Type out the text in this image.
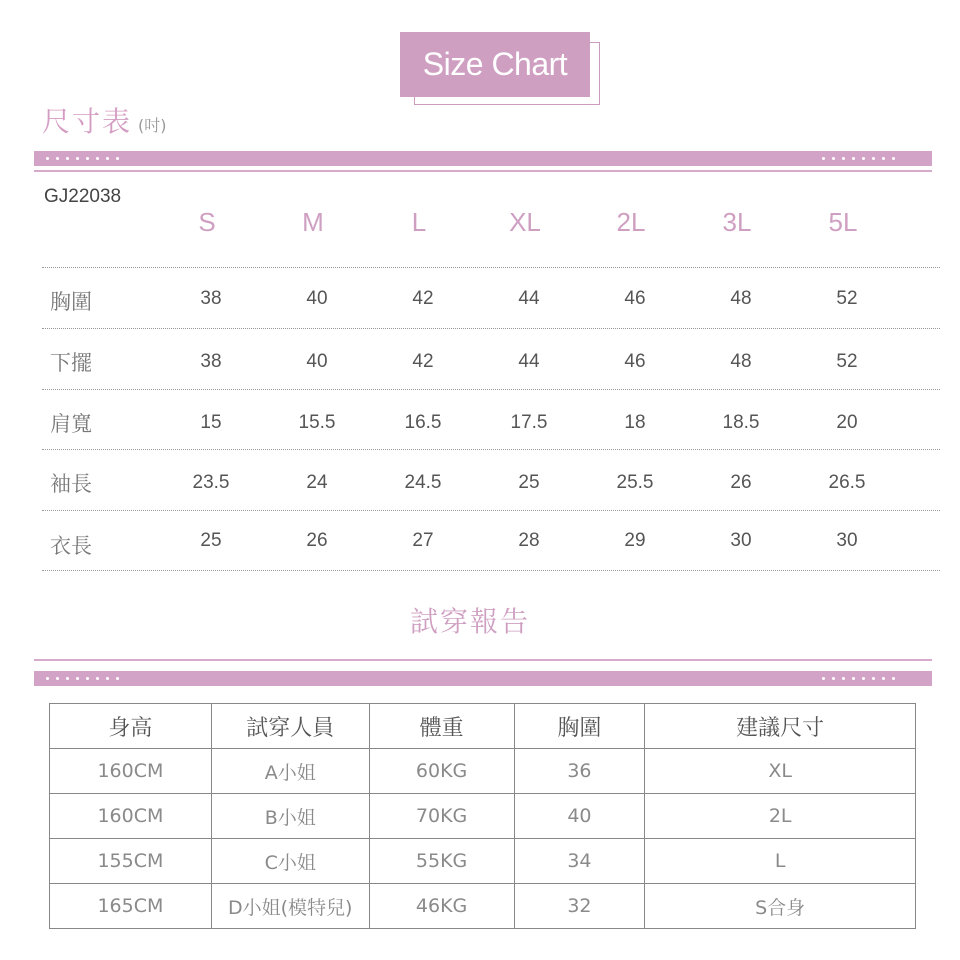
Size Chart
尺寸表 (吋)
GJ22038
S	M	L	XL	2L	3L	5L
胸圍	38	40	42	44	46	48	52
下擺	38	40	42	44	46	48	52
肩寬	15	15.5	16.5	17.5	18	18.5	20
袖長	23.5	24	24.5	25	25.5	26	26.5
衣長	25	26	27	28	29	30	30
試穿報告
身高	試穿人員	體重	胸圍	建議尺寸
160CM	A小姐	60KG	36	XL
160CM	B小姐	70KG	40	2L
155CM	C小姐	55KG	34	L
165CM	D小姐(模特兒)	46KG	32	S合身
